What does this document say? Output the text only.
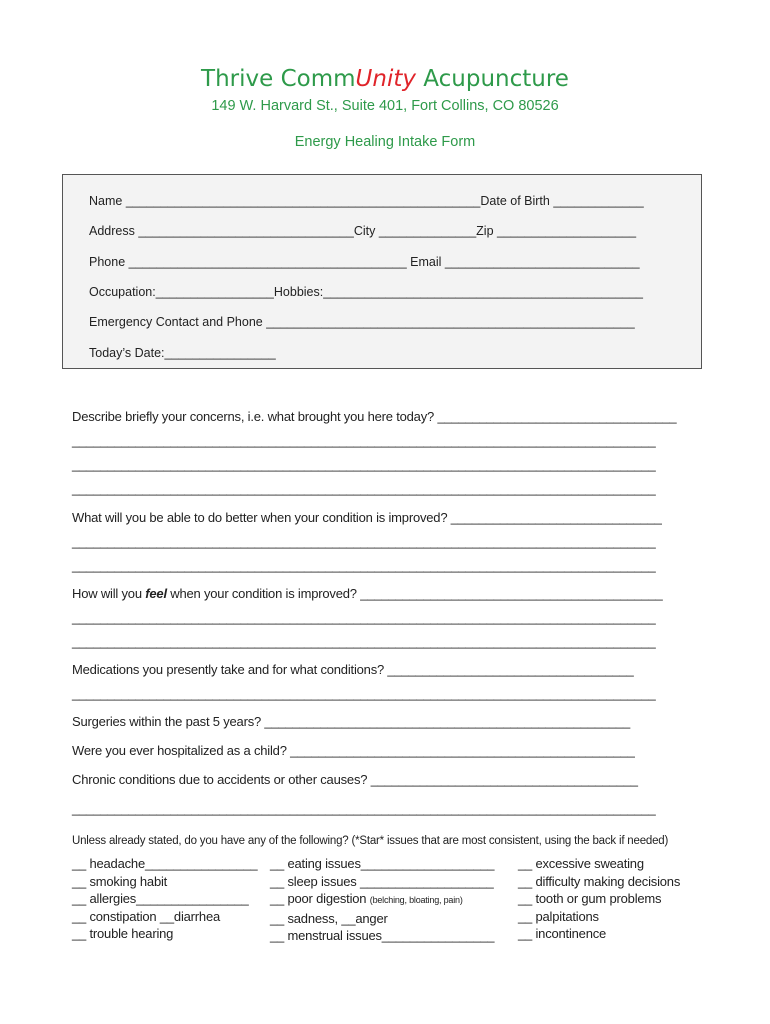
Thrive CommUnity Acupuncture
149 W. Harvard St., Suite 401, Fort Collins, CO 80526
Energy Healing Intake Form
Name ___________________________________________________Date of Birth _____________
Address _______________________________City ______________Zip ____________________
Phone ________________________________________ Email ____________________________
Occupation:_________________Hobbies:______________________________________________
Emergency Contact and Phone _____________________________________________________
Today’s Date:________________
Describe briefly your concerns, i.e. what brought you here today? __________________________________
___________________________________________________________________________________
___________________________________________________________________________________
___________________________________________________________________________________
What will you be able to do better when your condition is improved? ______________________________
___________________________________________________________________________________
___________________________________________________________________________________
How will you feel when your condition is improved? ___________________________________________
___________________________________________________________________________________
___________________________________________________________________________________
Medications you presently take and for what conditions? ___________________________________
___________________________________________________________________________________
Surgeries within the past 5 years? ____________________________________________________
Were you ever hospitalized as a child? _________________________________________________
Chronic conditions due to accidents or other causes? ______________________________________
___________________________________________________________________________________
Unless already stated, do you have any of the following? (*Star* issues that are most consistent, using the back if needed)
__ headache________________
__ smoking habit
__ allergies________________
__ constipation __diarrhea
__ trouble hearing
__ eating issues___________________
__ sleep issues ___________________
__ poor digestion (belching, bloating, pain)
__ sadness, __anger
__ menstrual issues________________
__ excessive sweating
__ difficulty making decisions
__ tooth or gum problems
__ palpitations
__ incontinence
